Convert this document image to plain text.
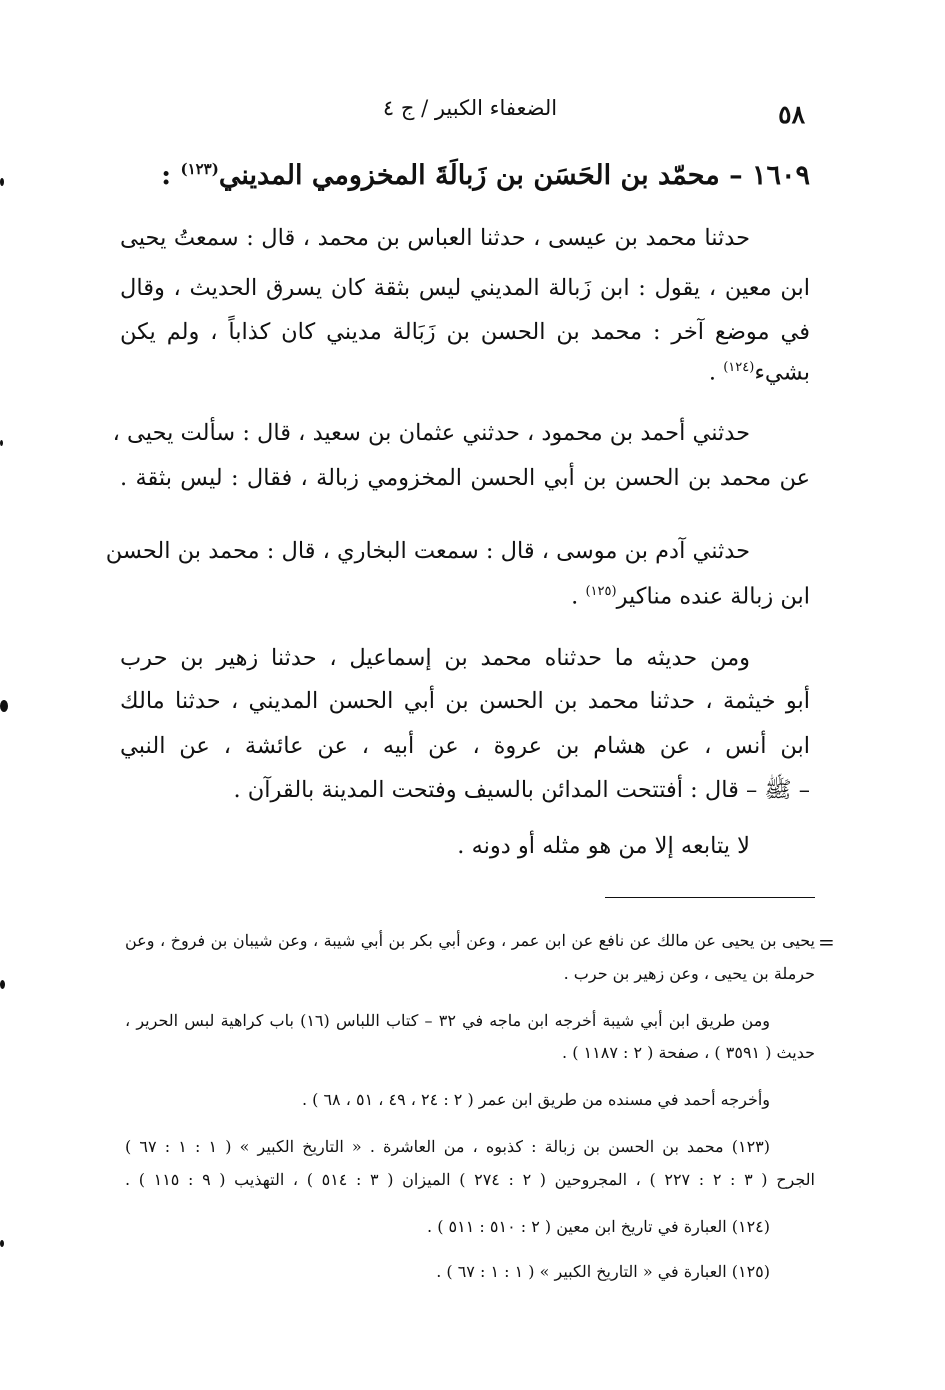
الضعفاء الكبير / ج ٤	٥٨
١٦٠٩ – محمّد بن الحَسَن بن زَبالَةَ المخزومي المديني$^{(١٢٣)}$ :
حدثنا محمد بن عيسى ، حدثنا العباس بن محمد ، قال : سمعتُ يحيى
ابن معين ، يقول : ابن زَبالة المديني ليس بثقة كان يسرق الحديث ، وقال
في موضع آخر : محمد بن الحسن بن زَبَالة مديني كان كذاباً ، ولم يكن
بشيء$^{(١٢٤)}$ .
حدثني أحمد بن محمود ، حدثني عثمان بن سعيد ، قال : سألت يحيى ،
عن محمد بن الحسن بن أبي الحسن المخزومي زبالة ، فقال : ليس بثقة .
حدثني آدم بن موسى ، قال : سمعت البخاري ، قال : محمد بن الحسن
ابن زبالة عنده مناكير$^{(١٢٥)}$ .
ومن حديثه ما حدثناه محمد بن إسماعيل ، حدثنا زهير بن حرب
أبو خيثمة ، حدثنا محمد بن الحسن بن أبي الحسن المديني ، حدثنا مالك
ابن أنس ، عن هشام بن عروة ، عن أبيه ، عن عائشة ، عن النبي
– ﷺ – قال : أفتتحت المدائن بالسيف وفتحت المدينة بالقرآن .
لا يتابعه إلا من هو مثله أو دونه .
=
يحيى بن يحيى عن مالك عن نافع عن ابن عمر ، وعن أبي بكر بن أبي شيبة ، وعن شيبان بن فروخ ، وعن
حرملة بن يحيى ، وعن زهير بن حرب .
ومن طريق ابن أبي شيبة أخرجه ابن ماجه في ٣٢ – كتاب اللباس (١٦) باب كراهية لبس الحرير ،
حديث ( ٣٥٩١ ) ، صفحة ( ٢ : ١١٨٧ ) .
وأخرجه أحمد في مسنده من طريق ابن عمر ( ٢ : ٢٤ ، ٤٩ ، ٥١ ، ٦٨ ) .
(١٢٣) محمد بن الحسن بن زبالة : كذبوه ، من العاشرة . « التاريخ الكبير » ( ١ : ١ : ٦٧ )
الجرح ( ٣ : ٢ : ٢٢٧ ) ، المجروحين ( ٢ : ٢٧٤ ) الميزان ( ٣ : ٥١٤ ) ، التهذيب ( ٩ : ١١٥ ) .
(١٢٤) العبارة في تاريخ ابن معين ( ٢ : ٥١٠ : ٥١١ ) .
(١٢٥) العبارة في « التاريخ الكبير » ( ١ : ١ : ٦٧ ) .
